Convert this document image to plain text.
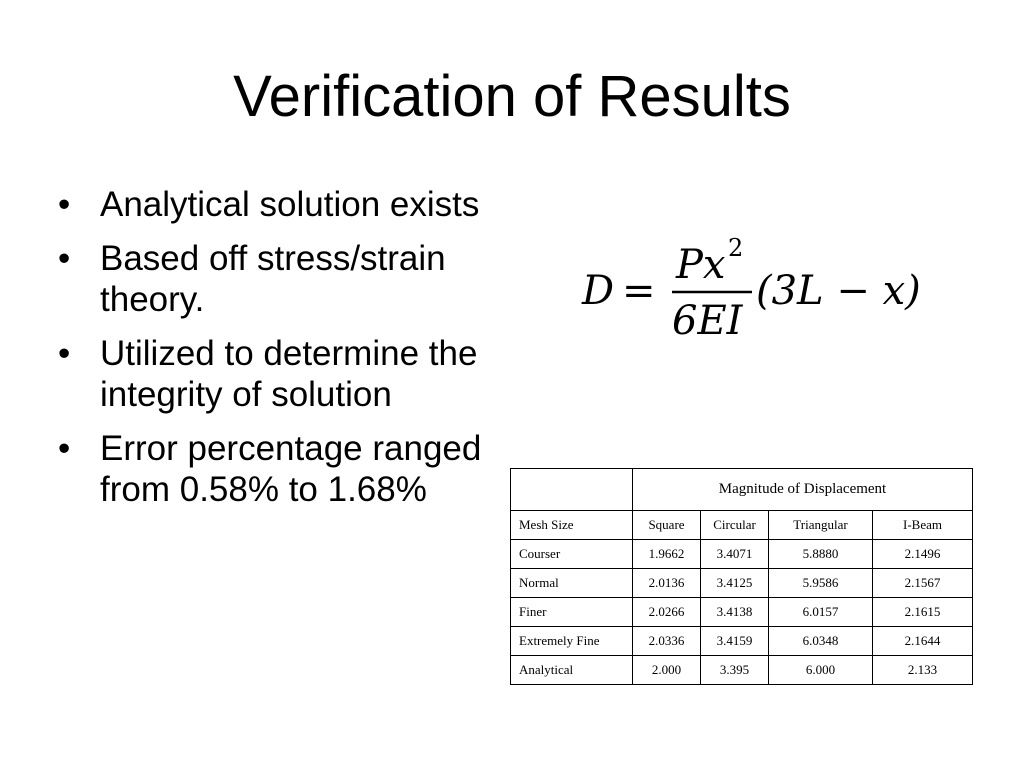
Verification of Results
• Analytical solution exists
• Based off stress/strain theory.
• Utilized to determine the integrity of solution
• Error percentage ranged from 0.58% to 1.68%
D =
Px 2
6EI
(3L − x)
	Magnitude of Displacement			
Mesh Size	Square	Circular	Triangular	I-Beam
Courser	1.9662	3.4071	5.8880	2.1496
Normal	2.0136	3.4125	5.9586	2.1567
Finer	2.0266	3.4138	6.0157	2.1615
Extremely Fine	2.0336	3.4159	6.0348	2.1644
Analytical	2.000	3.395	6.000	2.133
